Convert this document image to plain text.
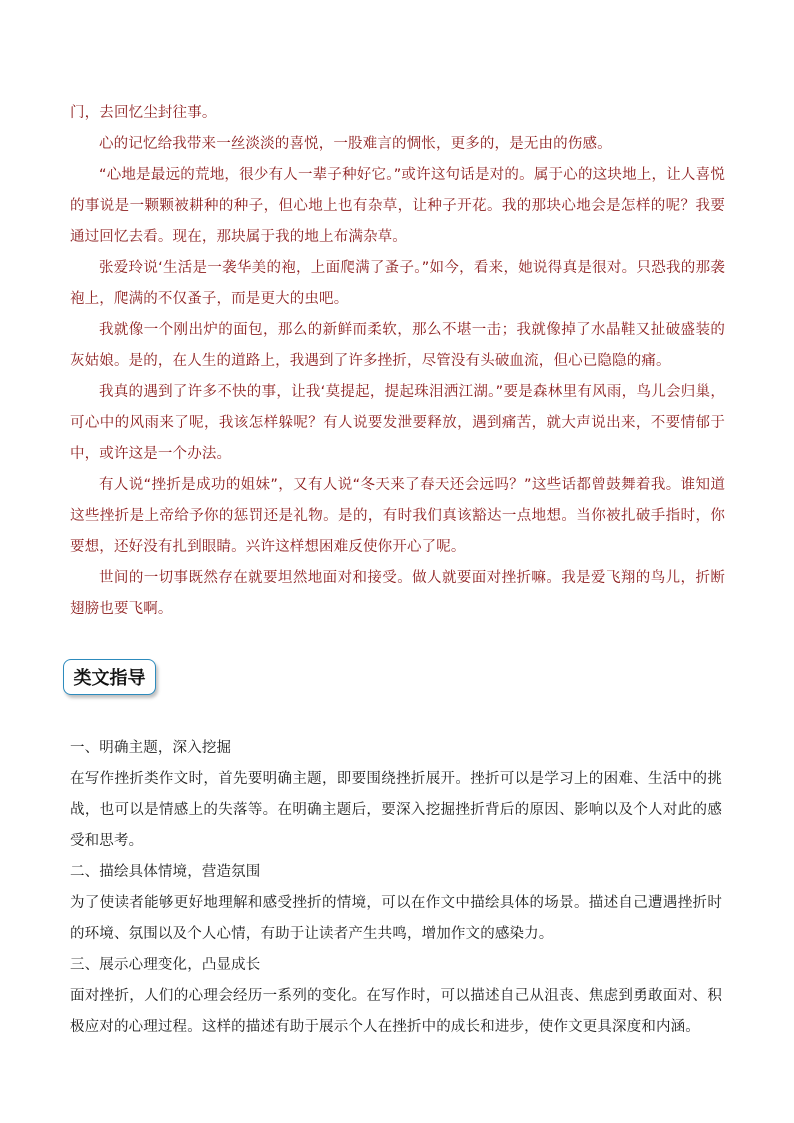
门，去回忆尘封往事。

心的记忆给我带来一丝淡淡的喜悦，一股难言的惆怅，更多的，是无由的伤感。

“心地是最远的荒地，很少有人一辈子种好它。”或许这句话是对的。属于心的这块地上，让人喜悦的事说是一颗颗被耕种的种子，但心地上也有杂草，让种子开花。我的那块心地会是怎样的呢？我要通过回忆去看。现在，那块属于我的地上布满杂草。

张爱玲说‘生活是一袭华美的袍，上面爬满了蚤子。”如今，看来，她说得真是很对。只恐我的那袭袍上，爬满的不仅蚤子，而是更大的虫吧。

我就像一个刚出炉的面包，那么的新鲜而柔软，那么不堪一击；我就像掉了水晶鞋又扯破盛装的灰姑娘。是的，在人生的道路上，我遇到了许多挫折，尽管没有头破血流，但心已隐隐的痛。

我真的遇到了许多不快的事，让我‘莫提起，提起珠泪洒江湖。”要是森林里有风雨，鸟儿会归巢，可心中的风雨来了呢，我该怎样躲呢？有人说要发泄要释放，遇到痛苦，就大声说出来，不要情郁于中，或许这是一个办法。

有人说“挫折是成功的姐妹”，又有人说“冬天来了春天还会远吗？”这些话都曾鼓舞着我。谁知道这些挫折是上帝给予你的惩罚还是礼物。是的，有时我们真该豁达一点地想。当你被扎破手指时，你要想，还好没有扎到眼睛。兴许这样想困难反使你开心了呢。

世间的一切事既然存在就要坦然地面对和接受。做人就要面对挫折嘛。我是爱飞翔的鸟儿，折断翅膀也要飞啊。

类文指导

一、明确主题，深入挖掘

在写作挫折类作文时，首先要明确主题，即要围绕挫折展开。挫折可以是学习上的困难、生活中的挑战，也可以是情感上的失落等。在明确主题后，要深入挖掘挫折背后的原因、影响以及个人对此的感受和思考。

二、描绘具体情境，营造氛围

为了使读者能够更好地理解和感受挫折的情境，可以在作文中描绘具体的场景。描述自己遭遇挫折时的环境、氛围以及个人心情，有助于让读者产生共鸣，增加作文的感染力。

三、展示心理变化，凸显成长

面对挫折，人们的心理会经历一系列的变化。在写作时，可以描述自己从沮丧、焦虑到勇敢面对、积极应对的心理过程。这样的描述有助于展示个人在挫折中的成长和进步，使作文更具深度和内涵。
